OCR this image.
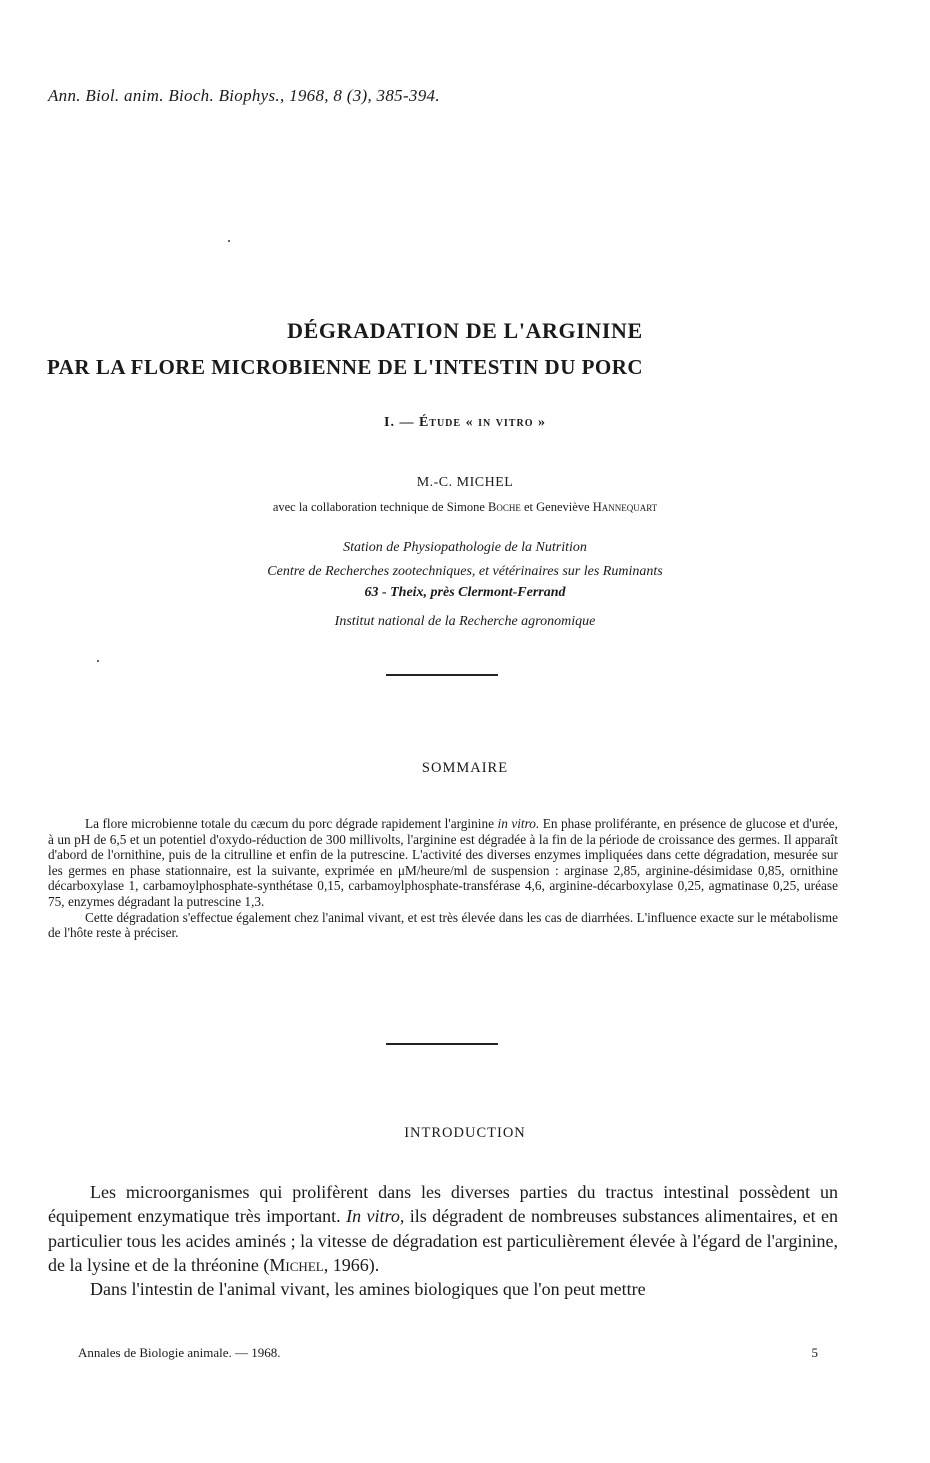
Ann. Biol. anim. Bioch. Biophys., 1968, 8 (3), 385-394.
DÉGRADATION DE L'ARGININE
PAR LA FLORE MICROBIENNE DE L'INTESTIN DU PORC
I. — Étude « in vitro »
M.-C. MICHEL
avec la collaboration technique de Simone Boche et Geneviève Hannequart
Station de Physiopathologie de la Nutrition
Centre de Recherches zootechniques, et vétérinaires sur les Ruminants
63 - Theix, près Clermont-Ferrand
Institut national de la Recherche agronomique
SOMMAIRE

La flore microbienne totale du cæcum du porc dégrade rapidement l'arginine in vitro. En phase proliférante, en présence de glucose et d'urée, à un pH de 6,5 et un potentiel d'oxydo-réduction de 300 millivolts, l'arginine est dégradée à la fin de la période de croissance des germes. Il apparaît d'abord de l'ornithine, puis de la citrulline et enfin de la putrescine. L'activité des diverses enzymes impliquées dans cette dégradation, mesurée sur les germes en phase stationnaire, est la suivante, exprimée en μM/heure/ml de suspension : arginase 2,85, arginine-désimidase 0,85, ornithine décarboxylase 1, carbamoylphosphate-synthétase 0,15, carbamoylphosphate-transférase 4,6, arginine-décarboxylase 0,25, agmatinase 0,25, uréase 75, enzymes dégradant la putrescine 1,3.

Cette dégradation s'effectue également chez l'animal vivant, et est très élevée dans les cas de diarrhées. L'influence exacte sur le métabolisme de l'hôte reste à préciser.

INTRODUCTION

Les microorganismes qui prolifèrent dans les diverses parties du tractus intestinal possèdent un équipement enzymatique très important. In vitro, ils dégradent de nombreuses substances alimentaires, et en particulier tous les acides aminés ; la vitesse de dégradation est particulièrement élevée à l'égard de l'arginine, de la lysine et de la thréonine (Michel, 1966).

Dans l'intestin de l'animal vivant, les amines biologiques que l'on peut mettre

Annales de Biologie animale. — 1968.	5
